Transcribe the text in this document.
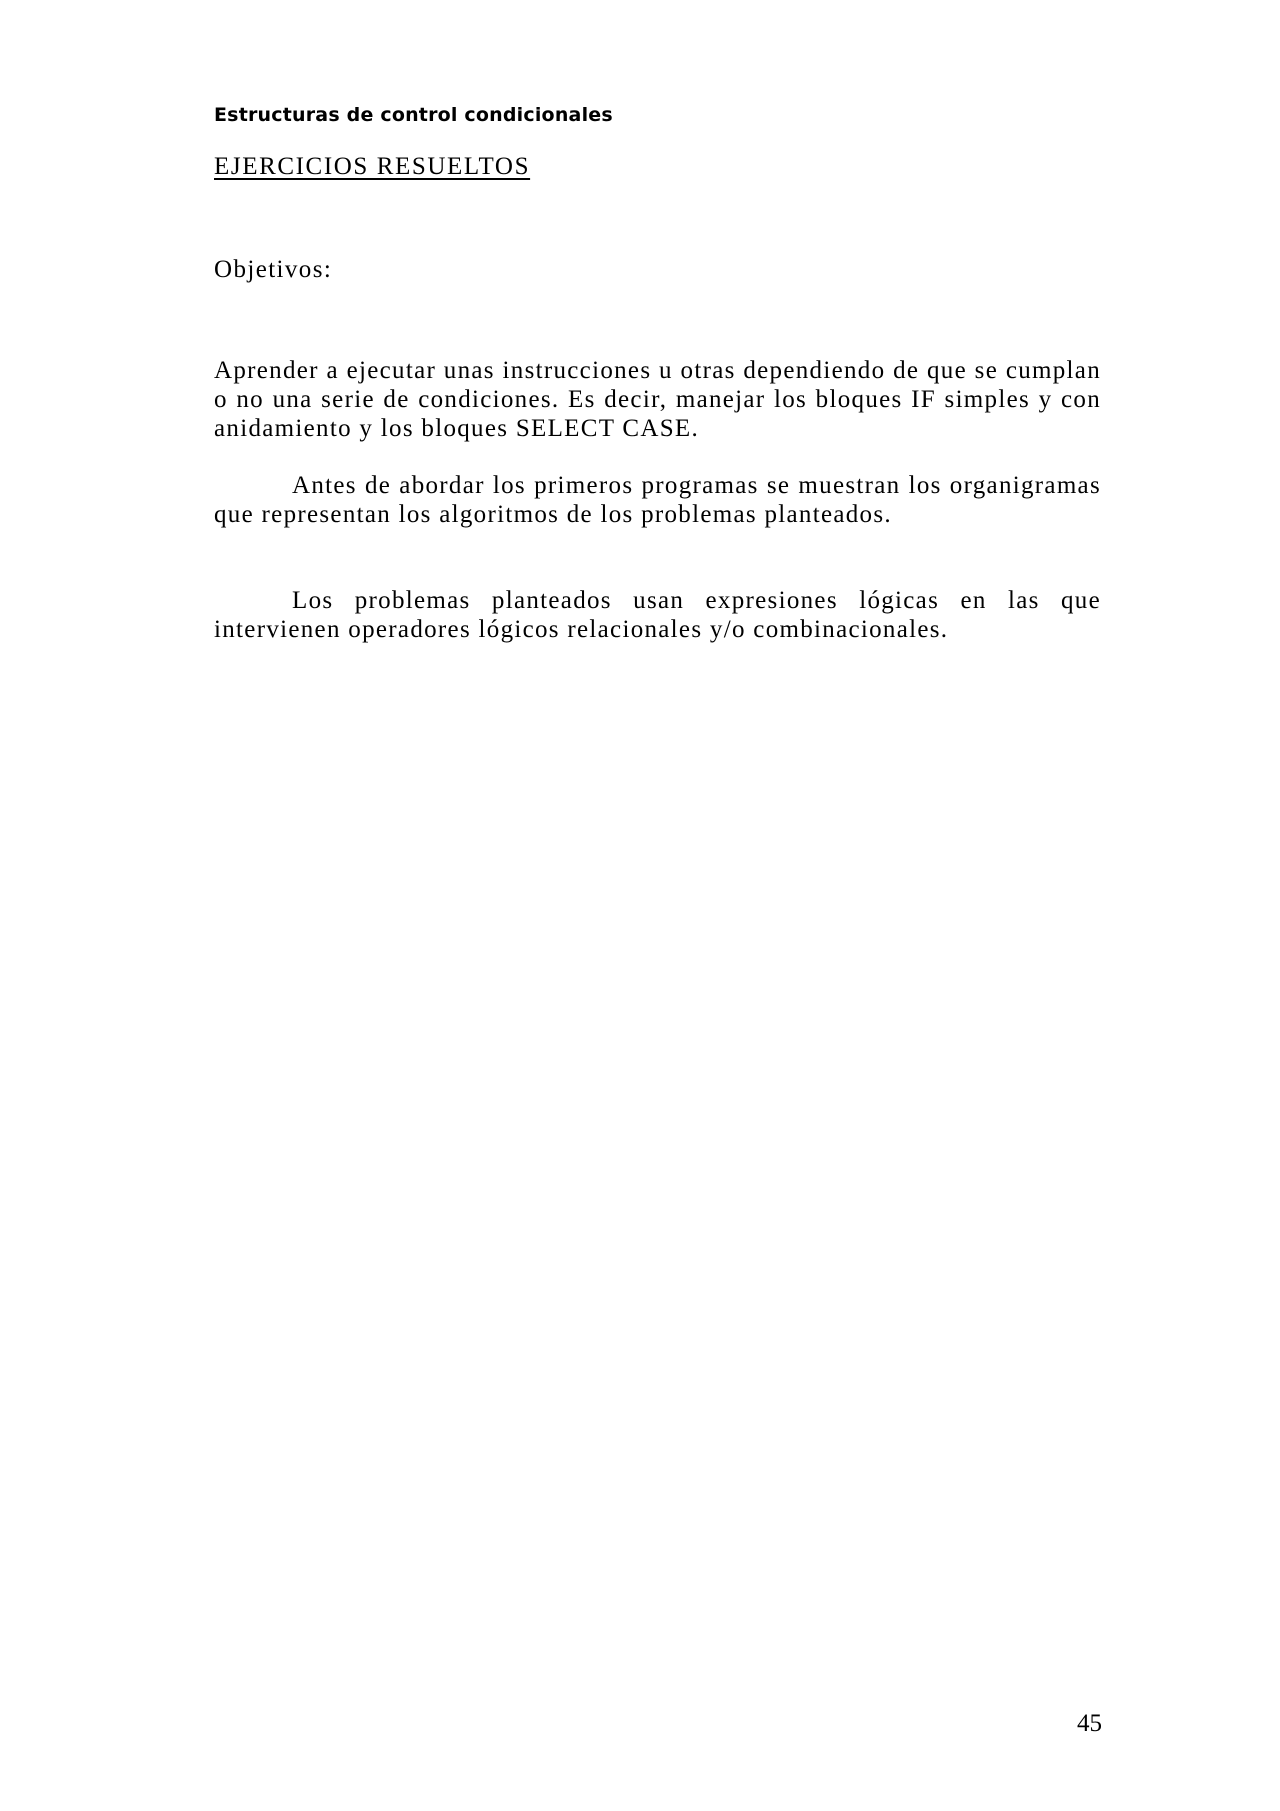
Estructuras de control condicionales
EJERCICIOS RESUELTOS
Objetivos:

Aprender a ejecutar unas instrucciones u otras dependiendo de que se cumplan o no una serie de condiciones. Es decir, manejar los bloques IF simples y con anidamiento y los bloques SELECT CASE.

Antes de abordar los primeros programas se muestran los organigramas que representan los algoritmos de los problemas planteados.

Los problemas planteados usan expresiones lógicas en las que intervienen operadores lógicos relacionales y/o combinacionales.

45
